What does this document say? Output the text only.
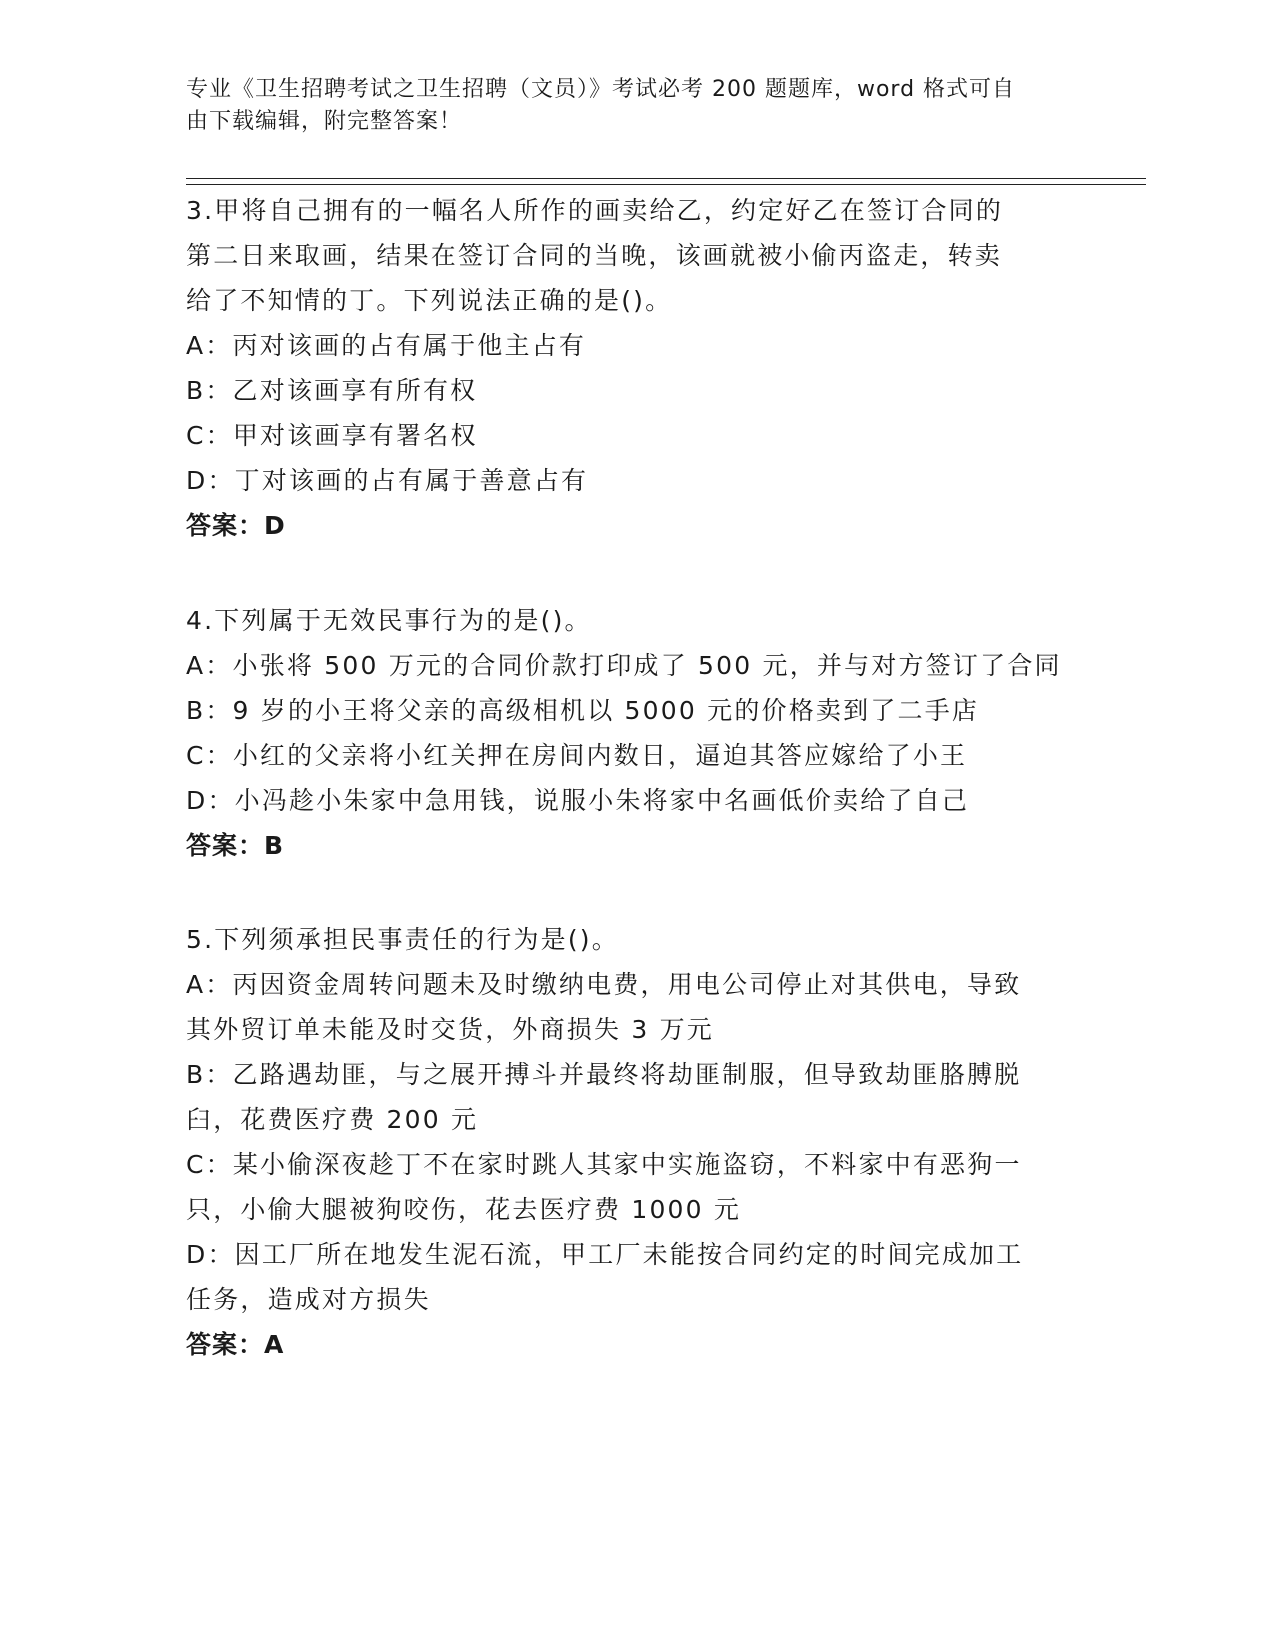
专业《卫生招聘考试之卫生招聘（文员）》考试必考 200 题题库，word 格式可自
由下载编辑，附完整答案！

3.甲将自己拥有的一幅名人所作的画卖给乙，约定好乙在签订合同的

第二日来取画，结果在签订合同的当晚，该画就被小偷丙盗走，转卖

给了不知情的丁。下列说法正确的是()。

A：丙对该画的占有属于他主占有

B：乙对该画享有所有权

C：甲对该画享有署名权

D：丁对该画的占有属于善意占有

答案：D

4.下列属于无效民事行为的是()。

A：小张将 500 万元的合同价款打印成了 500 元，并与对方签订了合同

B：9 岁的小王将父亲的高级相机以 5000 元的价格卖到了二手店

C：小红的父亲将小红关押在房间内数日，逼迫其答应嫁给了小王

D：小冯趁小朱家中急用钱，说服小朱将家中名画低价卖给了自己

答案：B

5.下列须承担民事责任的行为是()。

A：丙因资金周转问题未及时缴纳电费，用电公司停止对其供电，导致

其外贸订单未能及时交货，外商损失 3 万元

B：乙路遇劫匪，与之展开搏斗并最终将劫匪制服，但导致劫匪胳膊脱

臼，花费医疗费 200 元

C：某小偷深夜趁丁不在家时跳人其家中实施盗窃，不料家中有恶狗一

只，小偷大腿被狗咬伤，花去医疗费 1000 元

D：因工厂所在地发生泥石流，甲工厂未能按合同约定的时间完成加工

任务，造成对方损失

答案：A
